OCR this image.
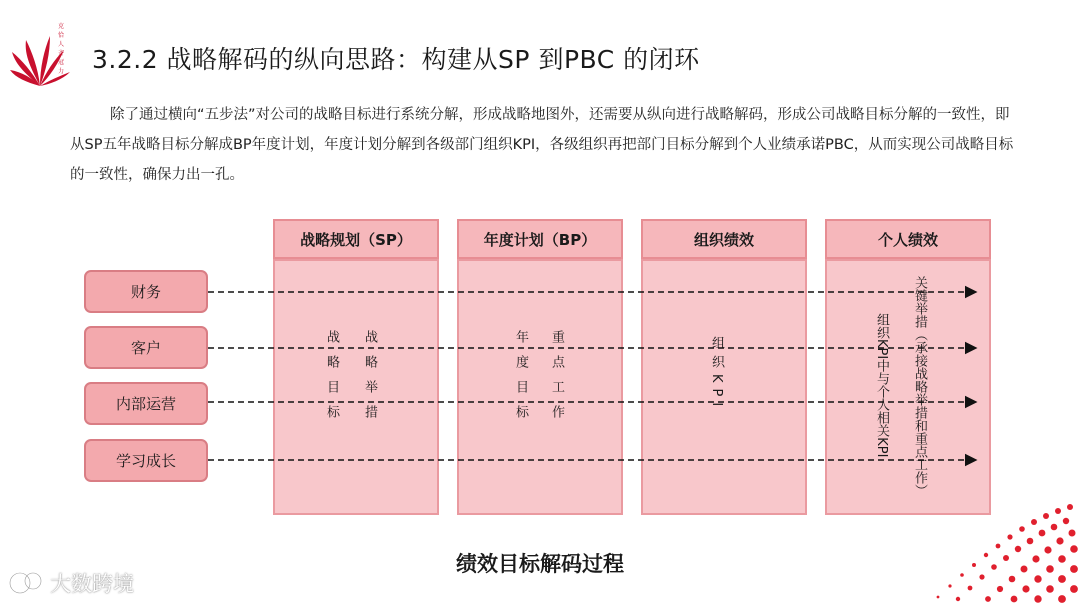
克 恰 人 齐 冠 力 3.2.2 战略解码的纵向思路：构建从SP 到PBC 的闭环

除了通过横向“五步法”对公司的战略目标进行系统分解，形成战略地图外，还需要从纵向进行战略解码，形成公司战略目标分解的一致性，即从SP五年战略目标分解成BP年度计划，年度计划分解到各级部门组织KPI，各级组织再把部门目标分解到个人业绩承诺PBC，从而实现公司战略目标的一致性，确保力出一孔。

战略规划（SP）	年度计划（BP）	组织绩效	个人绩效
财务
客户
内部运营
学习成长
战略举措
战略目标	重点工作
年度目标	组织KPI	关键举措（承接战略举措和重点工作）
组织KPI中与个人相关KPI
绩效目标解码过程
大数跨境
